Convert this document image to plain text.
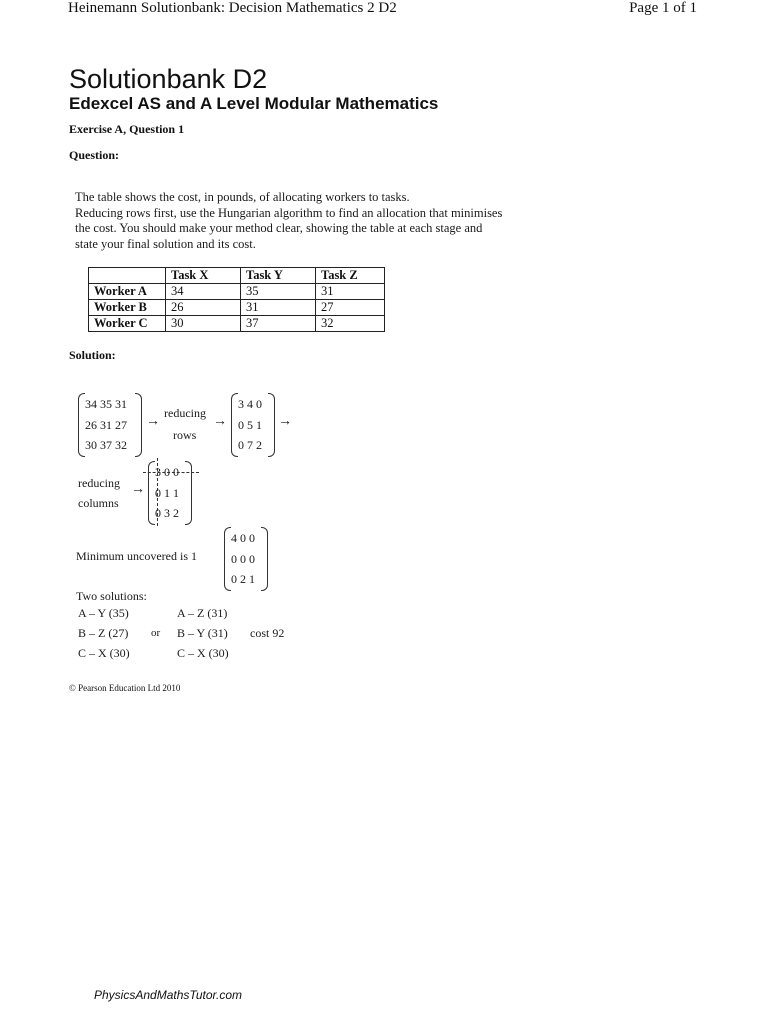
Heinemann Solutionbank: Decision Mathematics 2 D2	Page 1 of 1
Solutionbank D2
Edexcel AS and A Level Modular Mathematics
Exercise A, Question 1
Question:
The table shows the cost, in pounds, of allocating workers to tasks.
Reducing rows first, use the Hungarian algorithm to find an allocation that minimises
the cost. You should make your method clear, showing the table at each stage and
state your final solution and its cost.
	Task X	Task Y	Task Z
Worker A	34	35	31
Worker B	26	31	27
Worker C	30	37	32
Solution:
34 35 31
26 31 27
30 37 32
→
reducing
rows
→
3 4 0
0 5 1
0 7 2
→
reducing
columns
→
3 0 0
0 1 1
0 3 2
Minimum uncovered is 1
4 0 0
0 0 0
0 2 1
Two solutions:
A – Y (35)
B – Z (27)
C – X (30)
or
A – Z (31)
B – Y (31)
C – X (30)
cost 92
© Pearson Education Ltd 2010
PhysicsAndMathsTutor.com
